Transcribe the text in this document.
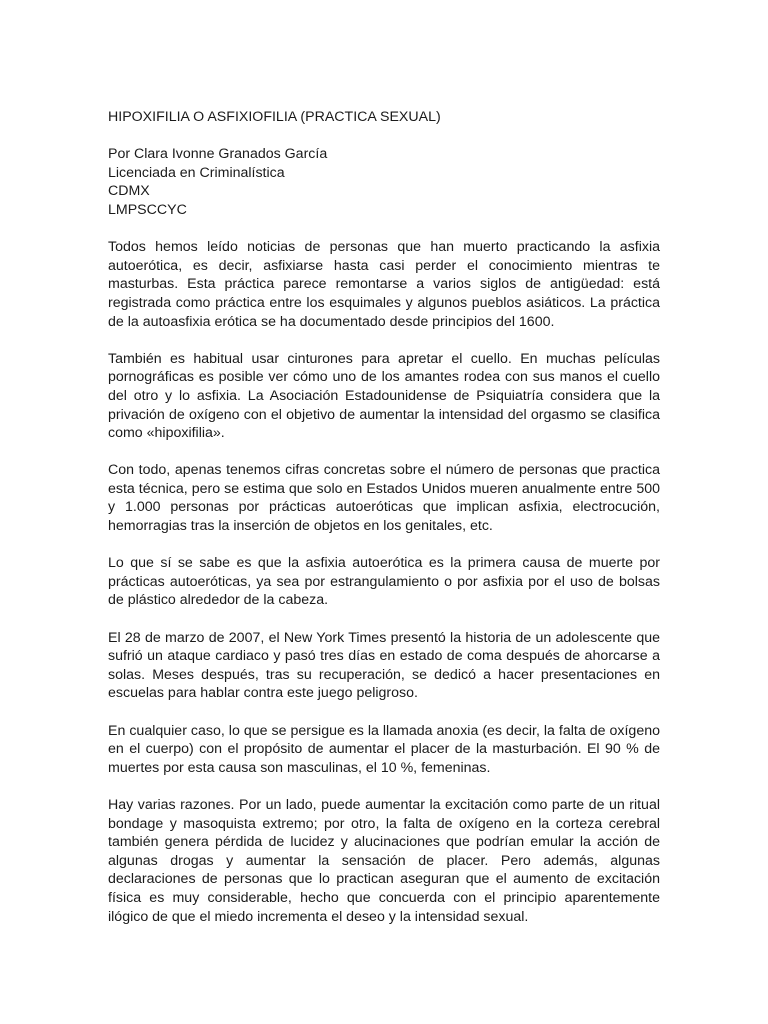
HIPOXIFILIA O ASFIXIOFILIA (PRACTICA SEXUAL)
Por Clara Ivonne Granados García
Licenciada en Criminalística
CDMX
LMPSCCYC

Todos hemos leído noticias de personas que han muerto practicando la asfixia autoerótica, es decir, asfixiarse hasta casi perder el conocimiento mientras te masturbas. Esta práctica parece remontarse a varios siglos de antigüedad: está registrada como práctica entre los esquimales y algunos pueblos asiáticos. La práctica de la autoasfixia erótica se ha documentado desde principios del 1600.

También es habitual usar cinturones para apretar el cuello. En muchas películas pornográficas es posible ver cómo uno de los amantes rodea con sus manos el cuello del otro y lo asfixia. La Asociación Estadounidense de Psiquiatría considera que la privación de oxígeno con el objetivo de aumentar la intensidad del orgasmo se clasifica como «hipoxifilia».

Con todo, apenas tenemos cifras concretas sobre el número de personas que practica esta técnica, pero se estima que solo en Estados Unidos mueren anualmente entre 500 y 1.000 personas por prácticas autoeróticas que implican asfixia, electrocución, hemorragias tras la inserción de objetos en los genitales, etc.

Lo que sí se sabe es que la asfixia autoerótica es la primera causa de muerte por prácticas autoeróticas, ya sea por estrangulamiento o por asfixia por el uso de bolsas de plástico alrededor de la cabeza.

El 28 de marzo de 2007, el New York Times presentó la historia de un adolescente que sufrió un ataque cardiaco y pasó tres días en estado de coma después de ahorcarse a solas. Meses después, tras su recuperación, se dedicó a hacer presentaciones en escuelas para hablar contra este juego peligroso.

En cualquier caso, lo que se persigue es la llamada anoxia (es decir, la falta de oxígeno en el cuerpo) con el propósito de aumentar el placer de la masturbación. El 90 % de muertes por esta causa son masculinas, el 10 %, femeninas.

Hay varias razones. Por un lado, puede aumentar la excitación como parte de un ritual bondage y masoquista extremo; por otro, la falta de oxígeno en la corteza cerebral también genera pérdida de lucidez y alucinaciones que podrían emular la acción de algunas drogas y aumentar la sensación de placer. Pero además, algunas declaraciones de personas que lo practican aseguran que el aumento de excitación física es muy considerable, hecho que concuerda con el principio aparentemente ilógico de que el miedo incrementa el deseo y la intensidad sexual.
